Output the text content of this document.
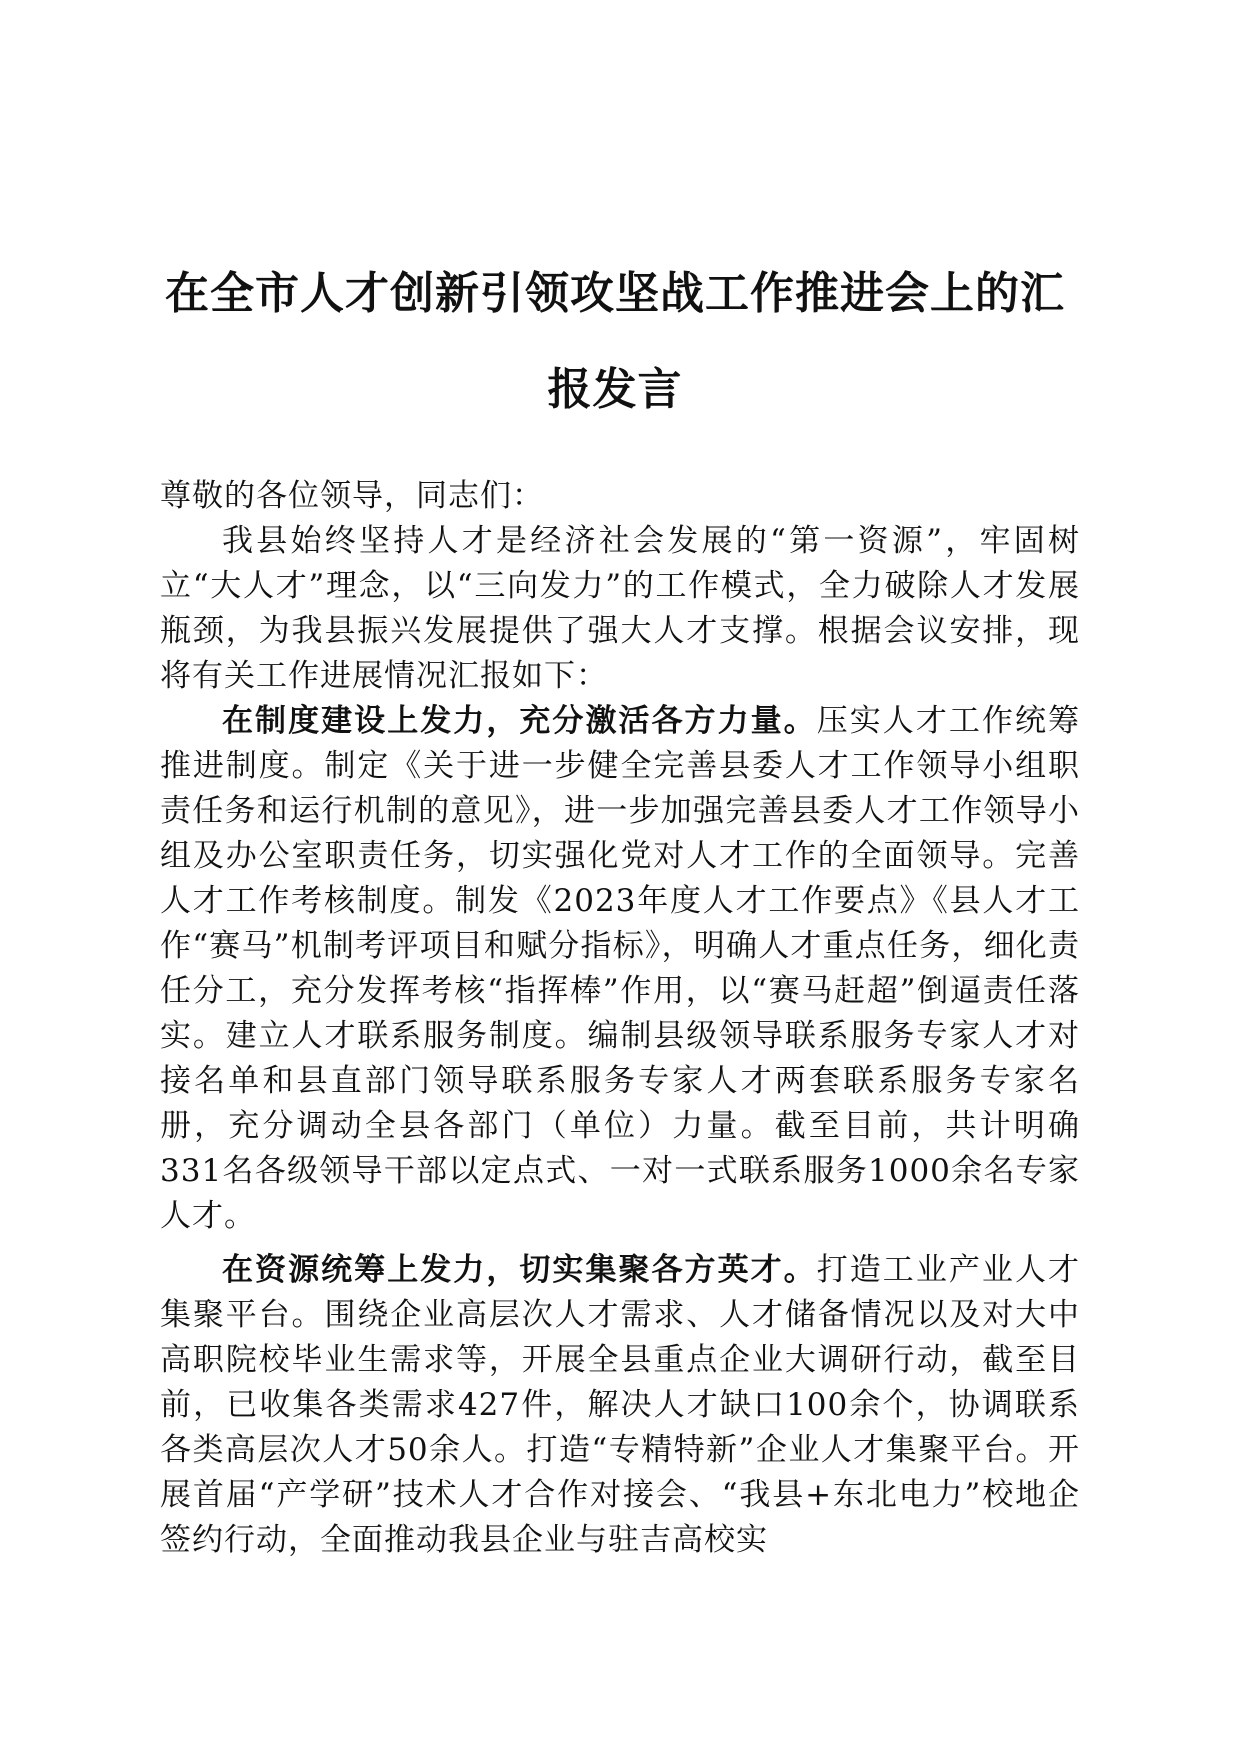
在全市人才创新引领攻坚战工作推进会上的汇报发言

尊敬的各位领导，同志们：

我县始终坚持人才是经济社会发展的“第一资源”，牢固树立“大人才”理念，以“三向发力”的工作模式，全力破除人才发展瓶颈，为我县振兴发展提供了强大人才支撑。根据会议安排，现将有关工作进展情况汇报如下：

在制度建设上发力，充分激活各方力量。压实人才工作统筹推进制度。制定《关于进一步健全完善县委人才工作领导小组职责任务和运行机制的意见》，进一步加强完善县委人才工作领导小组及办公室职责任务，切实强化党对人才工作的全面领导。完善人才工作考核制度。制发《2023年度人才工作要点》《县人才工作“赛马”机制考评项目和赋分指标》，明确人才重点任务，细化责任分工，充分发挥考核“指挥棒”作用，以“赛马赶超”倒逼责任落实。建立人才联系服务制度。编制县级领导联系服务专家人才对接名单和县直部门领导联系服务专家人才两套联系服务专家名册，充分调动全县各部门（单位）力量。截至目前，共计明确331名各级领导干部以定点式、一对一式联系服务1000余名专家人才。

在资源统筹上发力，切实集聚各方英才。打造工业产业人才集聚平台。围绕企业高层次人才需求、人才储备情况以及对大中高职院校毕业生需求等，开展全县重点企业大调研行动，截至目前，已收集各类需求427件，解决人才缺口100余个，协调联系各类高层次人才50余人。打造“专精特新”企业人才集聚平台。开展首届“产学研”技术人才合作对接会、“我县+东北电力”校地企签约行动，全面推动我县企业与驻吉高校实
